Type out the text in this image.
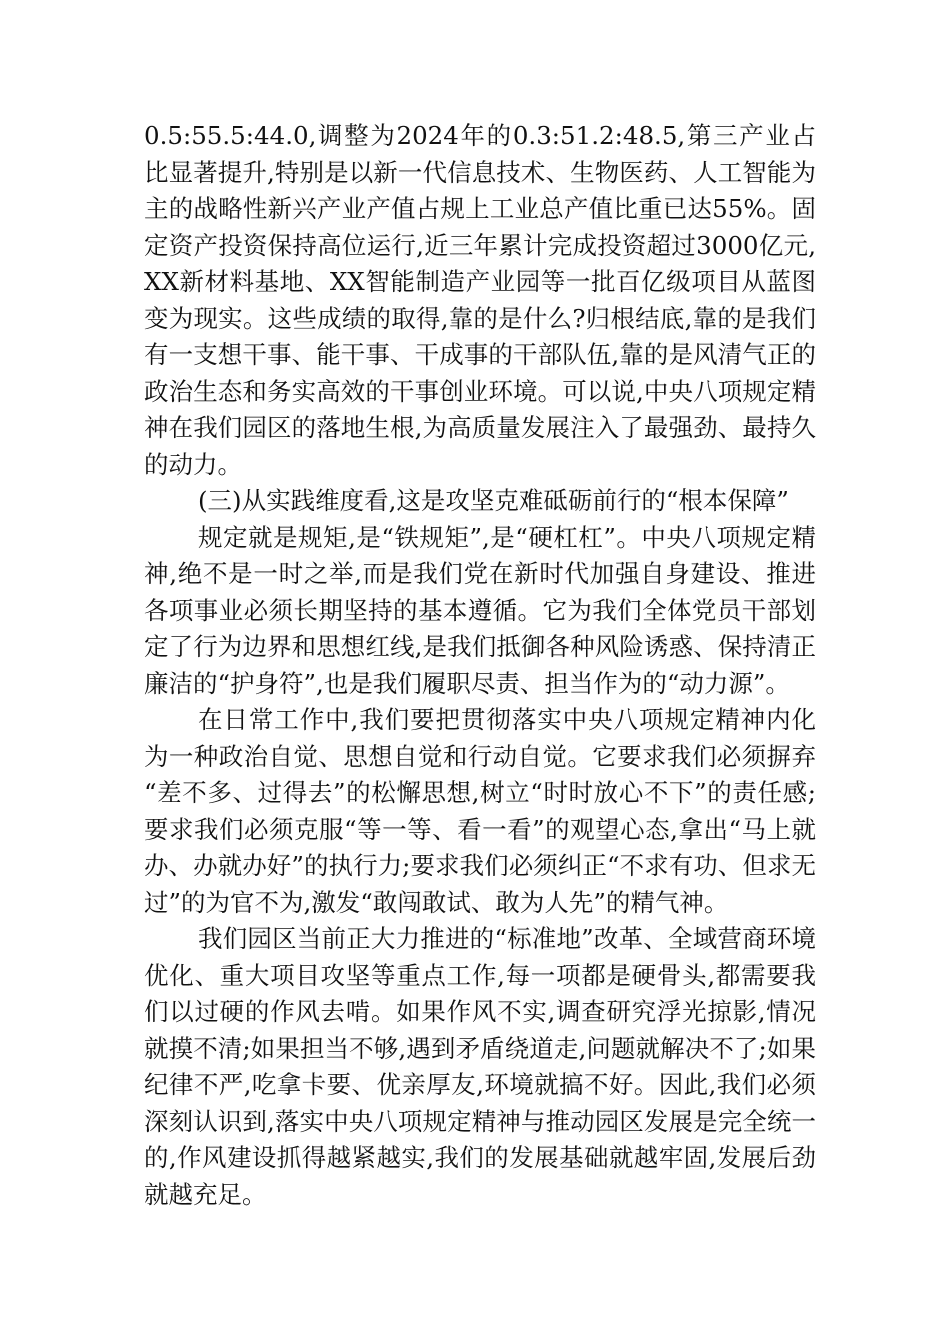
0.5:55.5:44.0,调整为2024年的0.3:51.2:48.5,第三产业占比显著提升,特别是以新一代信息技术、生物医药、人工智能为主的战略性新兴产业产值占规上工业总产值比重已达55%。固定资产投资保持高位运行,近三年累计完成投资超过3000亿元,XX新材料基地、XX智能制造产业园等一批百亿级项目从蓝图变为现实。这些成绩的取得,靠的是什么?归根结底,靠的是我们有一支想干事、能干事、干成事的干部队伍,靠的是风清气正的政治生态和务实高效的干事创业环境。可以说,中央八项规定精神在我们园区的落地生根,为高质量发展注入了最强劲、最持久的动力。

(三)从实践维度看,这是攻坚克难砥砺前行的“根本保障”

规定就是规矩,是“铁规矩”,是“硬杠杠”。中央八项规定精神,绝不是一时之举,而是我们党在新时代加强自身建设、推进各项事业必须长期坚持的基本遵循。它为我们全体党员干部划定了行为边界和思想红线,是我们抵御各种风险诱惑、保持清正廉洁的“护身符”,也是我们履职尽责、担当作为的“动力源”。

在日常工作中,我们要把贯彻落实中央八项规定精神内化为一种政治自觉、思想自觉和行动自觉。它要求我们必须摒弃“差不多、过得去”的松懈思想,树立“时时放心不下”的责任感;要求我们必须克服“等一等、看一看”的观望心态,拿出“马上就办、办就办好”的执行力;要求我们必须纠正“不求有功、但求无过”的为官不为,激发“敢闯敢试、敢为人先”的精气神。

我们园区当前正大力推进的“标准地”改革、全域营商环境优化、重大项目攻坚等重点工作,每一项都是硬骨头,都需要我们以过硬的作风去啃。如果作风不实,调查研究浮光掠影,情况就摸不清;如果担当不够,遇到矛盾绕道走,问题就解决不了;如果纪律不严,吃拿卡要、优亲厚友,环境就搞不好。因此,我们必须深刻认识到,落实中央八项规定精神与推动园区发展是完全统一的,作风建设抓得越紧越实,我们的发展基础就越牢固,发展后劲就越充足。
